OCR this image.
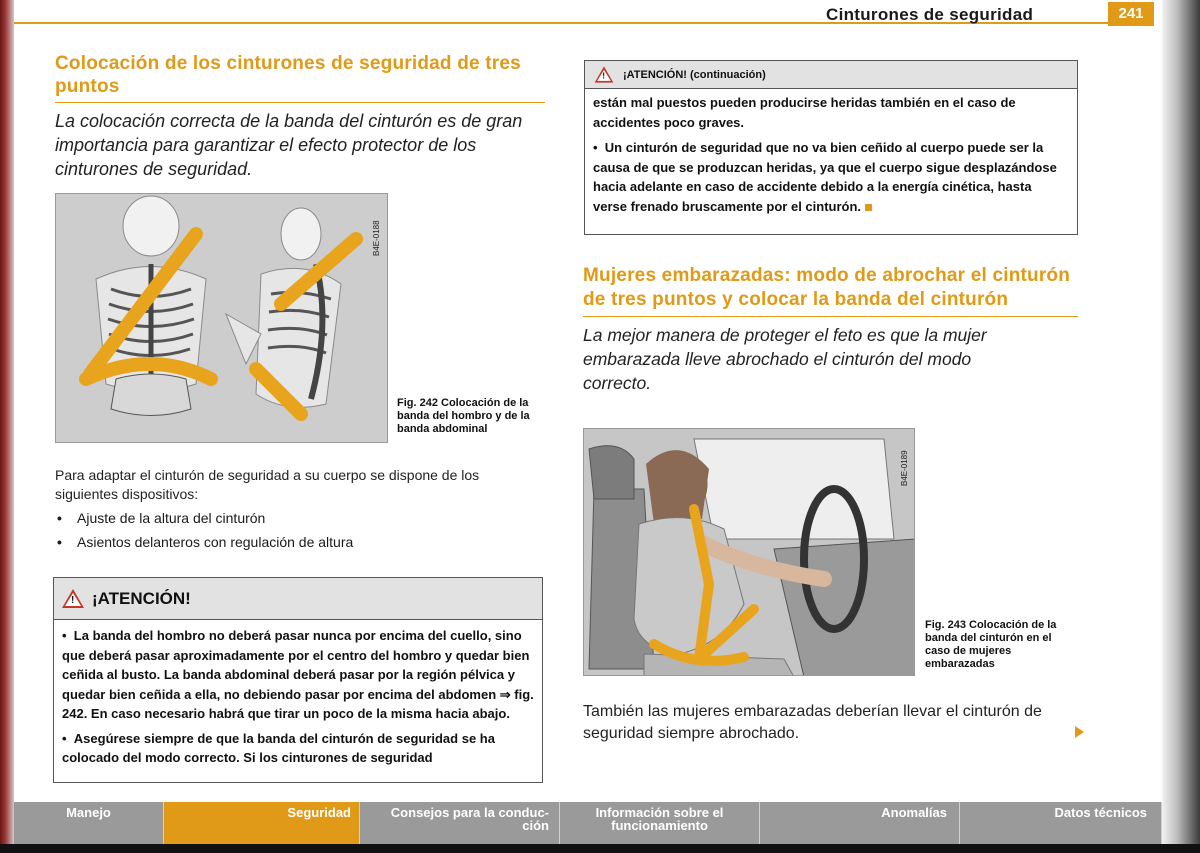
Cinturones de seguridad	241
Colocación de los cinturones de seguridad de tres puntos

La colocación correcta de la banda del cinturón es de gran importancia para garantizar el efecto protector de los cinturones de seguridad.

B4E-0188
Fig. 242 Colocación de la banda del hombro y de la banda abdominal

Para adaptar el cinturón de seguridad a su cuerpo se dispone de los siguientes dispositivos:

• Ajuste de la altura del cinturón
• Asientos delanteros con regulación de altura
! ¡ATENCIÓN!

•  La banda del hombro no deberá pasar nunca por encima del cuello, sino que deberá pasar aproximadamente por el centro del hombro y quedar bien ceñida al busto. La banda abdominal deberá pasar por la región pélvica y quedar bien ceñida a ella, no debiendo pasar por encima del abdomen ⇒ fig. 242. En caso necesario habrá que tirar un poco de la misma hacia abajo.

•  Asegúrese siempre de que la banda del cinturón de seguridad se ha colocado del modo correcto. Si los cinturones de seguridad

! ¡ATENCIÓN! (continuación)

están mal puestos pueden producirse heridas también en el caso de accidentes poco graves.

•  Un cinturón de seguridad que no va bien ceñido al cuerpo puede ser la causa de que se produzcan heridas, ya que el cuerpo sigue desplazándose hacia adelante en caso de accidente debido a la energía cinética, hasta verse frenado bruscamente por el cinturón.

Mujeres embarazadas: modo de abrochar el cinturón de tres puntos y colocar la banda del cinturón

La mejor manera de proteger el feto es que la mujer embarazada lleve abrochado el cinturón del modo correcto.

B4E-0189
Fig. 243 Colocación de la banda del cinturón en el caso de mujeres embarazadas

También las mujeres embarazadas deberían llevar el cinturón de seguridad siempre abrochado.

Manejo	Seguridad	Consejos para la conduc-
ción
Información sobre el
funcionamiento
Anomalías	Datos técnicos
